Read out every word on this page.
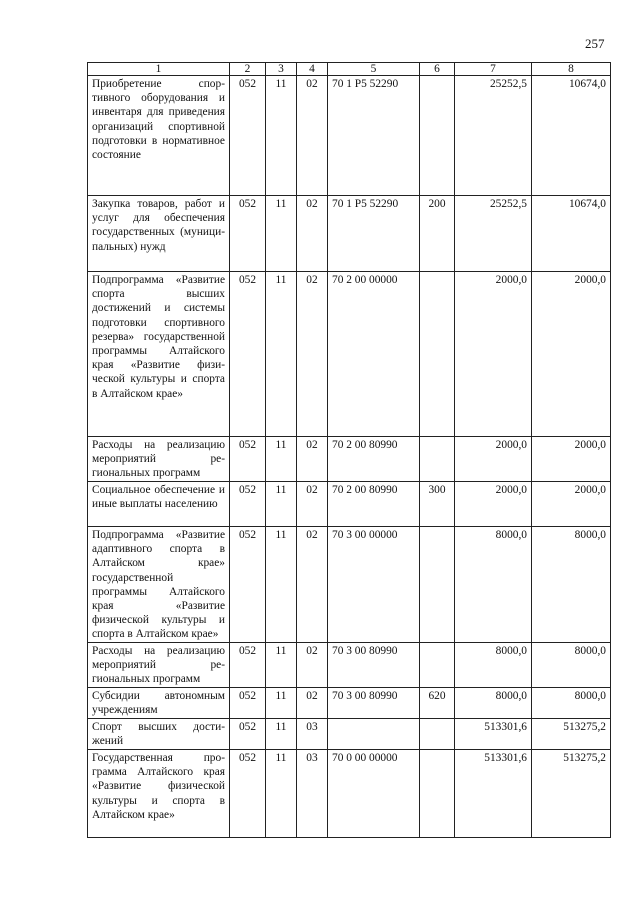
257
1	2	3	4	5	6	7	8
Приобретение спортивного оборудования и инвентаря для приведения организаций спортивной подготовки в нормативное состояние	052	11	02	70 1 P5 52290		25252,5	10674,0
Закупка товаров, работ и услуг для обеспечения государственных (муниципальных) нужд	052	11	02	70 1 P5 52290	200	25252,5	10674,0
Подпрограмма «Развитие спорта высших достижений и системы подготовки спортивного резерва» государственной программы Алтайского края «Развитие физической культуры и спорта в Алтайском крае»	052	11	02	70 2 00 00000		2000,0	2000,0
Расходы на реализацию мероприятий региональных программ	052	11	02	70 2 00 80990		2000,0	2000,0
Социальное обеспечение и иные выплаты населению	052	11	02	70 2 00 80990	300	2000,0	2000,0
Подпрограмма «Развитие адаптивного спорта в Алтайском крае» государственной программы Алтайского края «Развитие физической культуры и спорта в Алтайском крае»	052	11	02	70 3 00 00000		8000,0	8000,0
Расходы на реализацию мероприятий региональных программ	052	11	02	70 3 00 80990		8000,0	8000,0
Субсидии автономным учреждениям	052	11	02	70 3 00 80990	620	8000,0	8000,0
Спорт высших достижений	052	11	03			513301,6	513275,2
Государственная программа Алтайского края «Развитие физической культуры и спорта в Алтайском крае»	052	11	03	70 0 00 00000		513301,6	513275,2
